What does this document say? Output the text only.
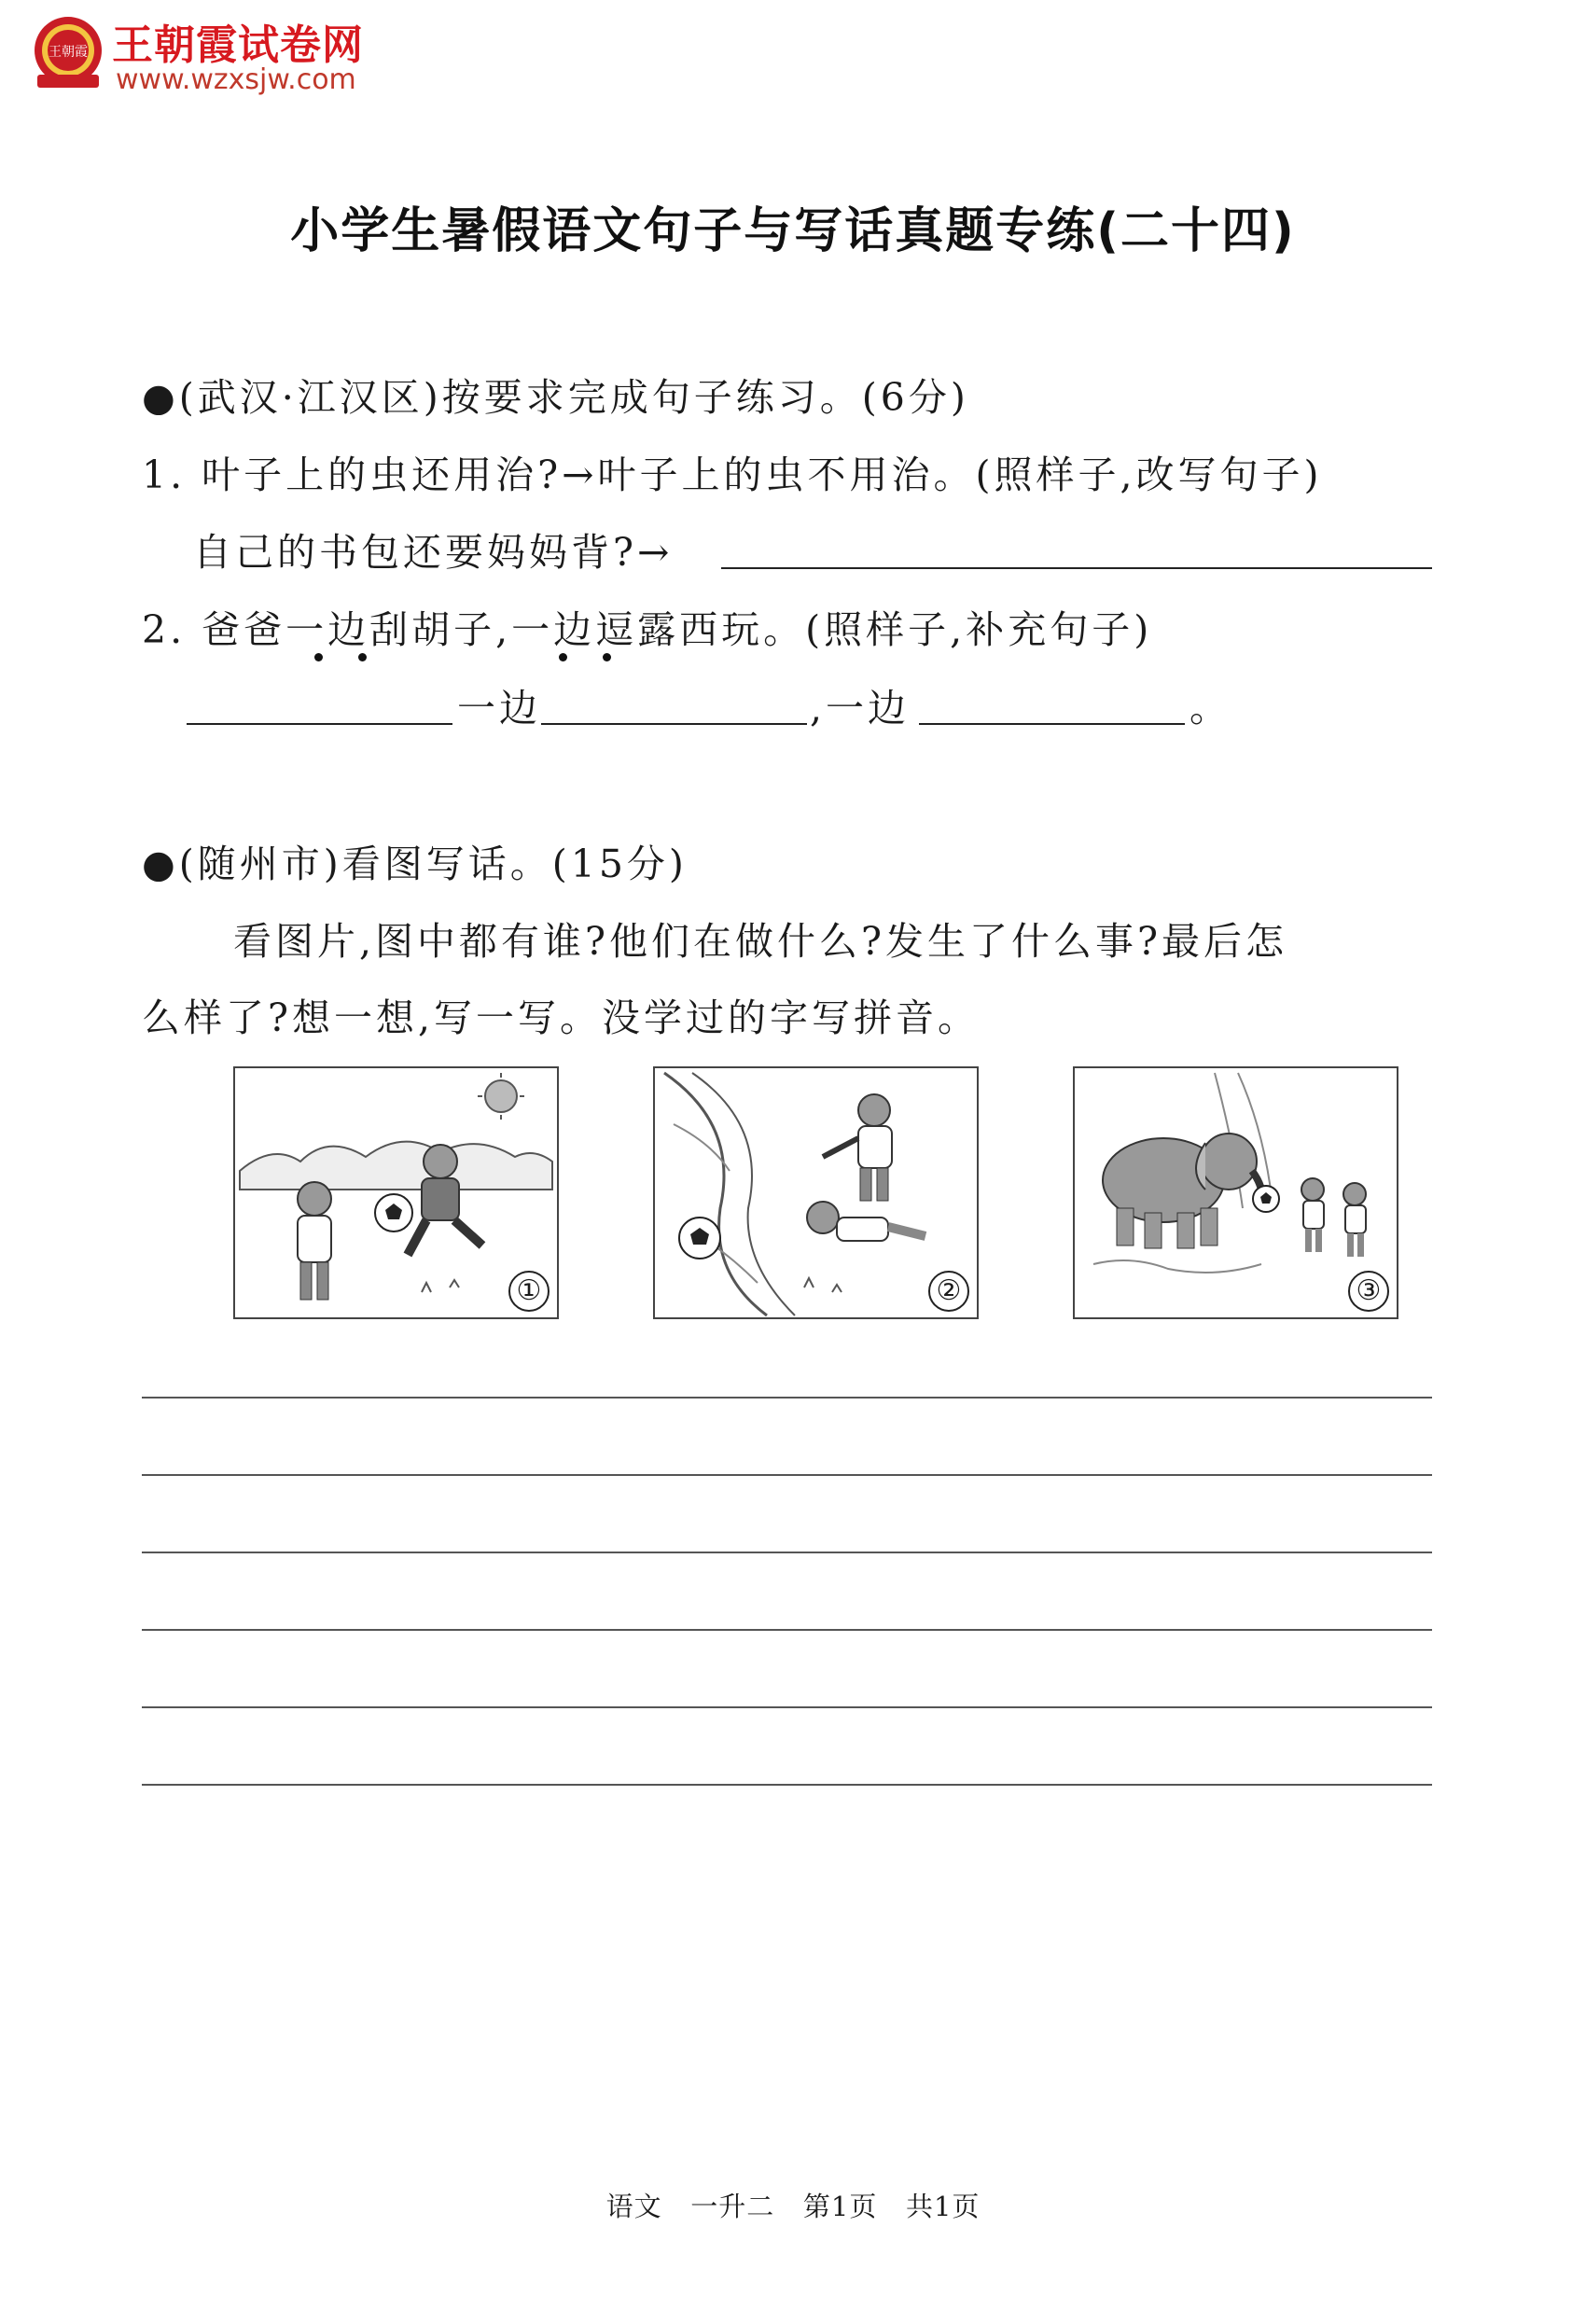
王朝霞 王朝霞试卷网
www.wzxsjw.com
小学生暑假语文句子与写话真题专练(二十四)
●(武汉·江汉区)按要求完成句子练习。(6分)
1. 叶子上的虫还用治?→叶子上的虫不用治。(照样子,改写句子)
自己的书包还要妈妈背?→
2. 爸爸一边刮胡子,一边逗露西玩。(照样子,补充句子)
一边	,一边	。
●(随州市)看图写话。(15分)
看图片,图中都有谁?他们在做什么?发生了什么事?最后怎
么样了?想一想,写一写。没学过的字写拼音。
①	②	③
语文   一升二   第1页   共1页
